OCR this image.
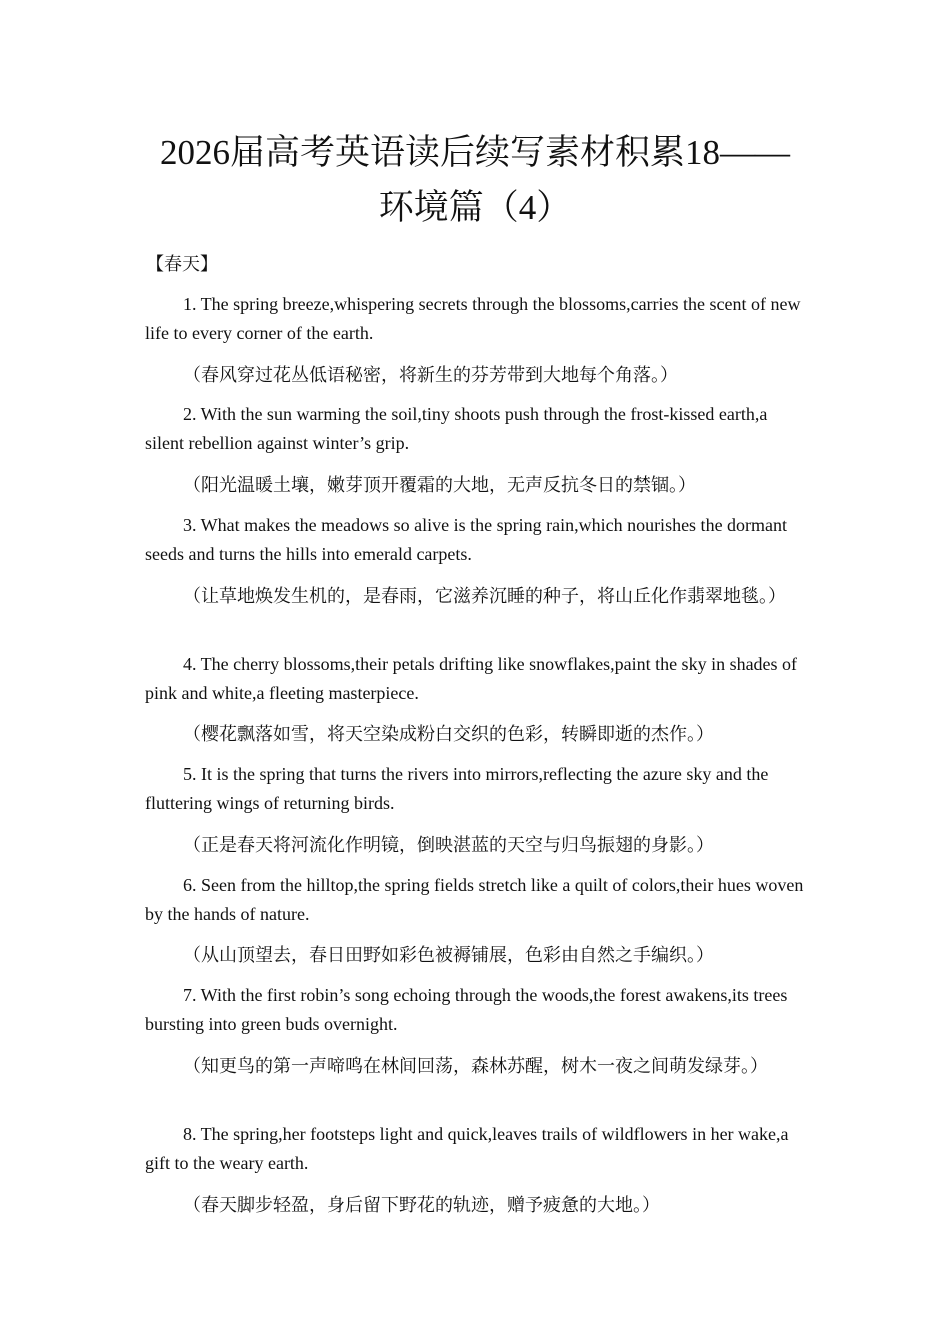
2026届高考英语读后续写素材积累18——
环境篇（4）

【春天】

1. The spring breeze,whispering secrets through the blossoms,carries the scent of new life to every corner of the earth.

（春风穿过花丛低语秘密，将新生的芬芳带到大地每个角落。）

2. With the sun warming the soil,tiny shoots push through the frost-kissed earth,a silent rebellion against winter’s grip.

（阳光温暖土壤，嫩芽顶开覆霜的大地，无声反抗冬日的禁锢。）

3. What makes the meadows so alive is the spring rain,which nourishes the dormant seeds and turns the hills into emerald carpets.

（让草地焕发生机的，是春雨，它滋养沉睡的种子，将山丘化作翡翠地毯。）

4. The cherry blossoms,their petals drifting like snowflakes,paint the sky in shades of pink and white,a fleeting masterpiece.

（樱花飘落如雪，将天空染成粉白交织的色彩，转瞬即逝的杰作。）

5. It is the spring that turns the rivers into mirrors,reflecting the azure sky and the fluttering wings of returning birds.

（正是春天将河流化作明镜，倒映湛蓝的天空与归鸟振翅的身影。）

6. Seen from the hilltop,the spring fields stretch like a quilt of colors,their hues woven by the hands of nature.

（从山顶望去，春日田野如彩色被褥铺展，色彩由自然之手编织。）

7. With the first robin’s song echoing through the woods,the forest awakens,its trees bursting into green buds overnight.

（知更鸟的第一声啼鸣在林间回荡，森林苏醒，树木一夜之间萌发绿芽。）

8. The spring,her footsteps light and quick,leaves trails of wildflowers in her wake,a gift to the weary earth.

（春天脚步轻盈，身后留下野花的轨迹，赠予疲惫的大地。）
